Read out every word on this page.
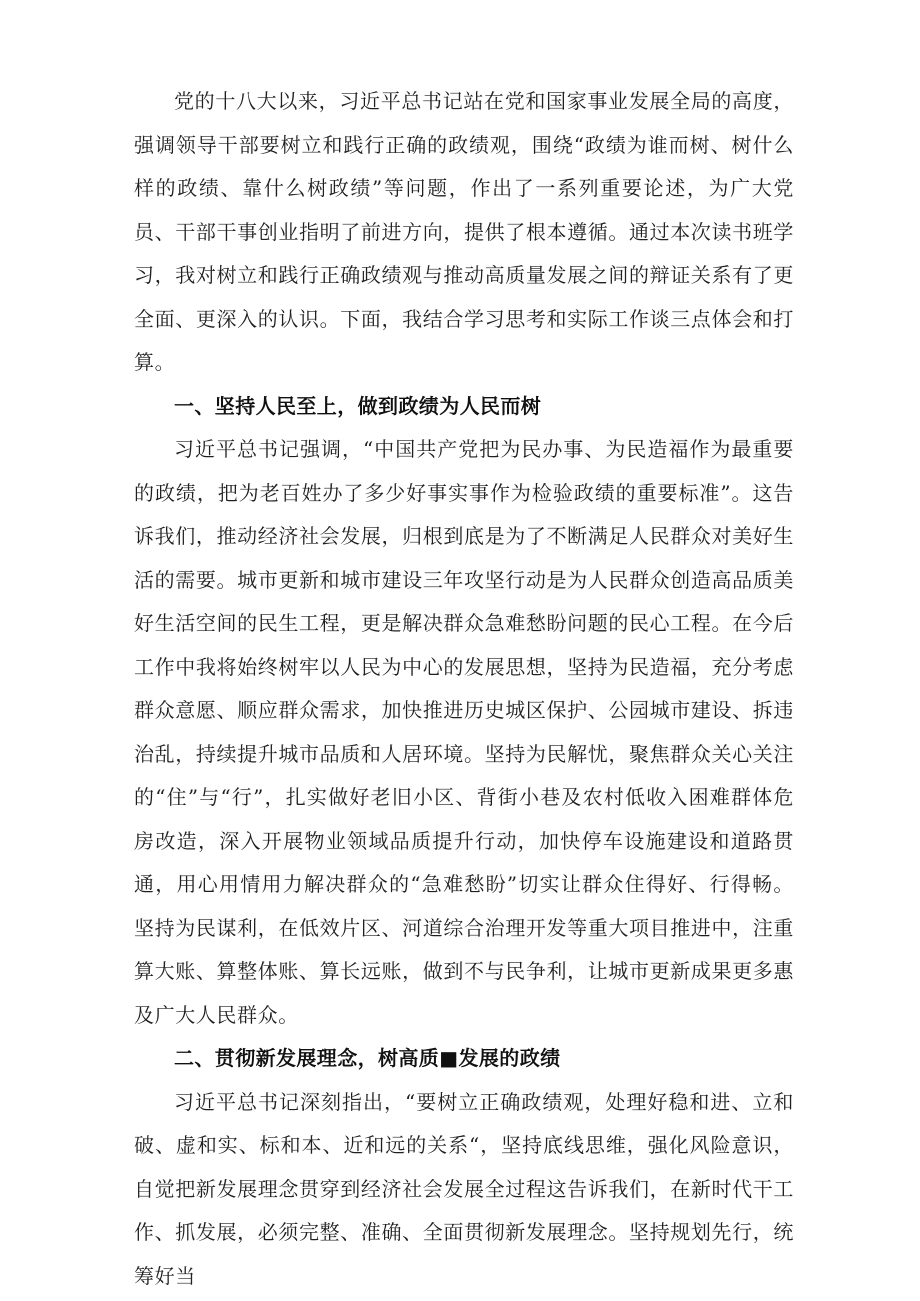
党的十八大以来，习近平总书记站在党和国家事业发展全局的高度，强调领导干部要树立和践行正确的政绩观，围绕“政绩为谁而树、树什么样的政绩、靠什么树政绩”等问题，作出了一系列重要论述，为广大党员、干部干事创业指明了前进方向，提供了根本遵循。通过本次读书班学习，我对树立和践行正确政绩观与推动高质量发展之间的辩证关系有了更全面、更深入的认识。下面，我结合学习思考和实际工作谈三点体会和打算。

一、坚持人民至上，做到政绩为人民而树

习近平总书记强调，“中国共产党把为民办事、为民造福作为最重要的政绩，把为老百姓办了多少好事实事作为检验政绩的重要标准”。这告诉我们，推动经济社会发展，归根到底是为了不断满足人民群众对美好生活的需要。城市更新和城市建设三年攻坚行动是为人民群众创造高品质美好生活空间的民生工程，更是解决群众急难愁盼问题的民心工程。在今后工作中我将始终树牢以人民为中心的发展思想，坚持为民造福，充分考虑群众意愿、顺应群众需求，加快推进历史城区保护、公园城市建设、拆违治乱，持续提升城市品质和人居环境。坚持为民解忧，聚焦群众关心关注的“住”与“行”，扎实做好老旧小区、背街小巷及农村低收入困难群体危房改造，深入开展物业领域品质提升行动，加快停车设施建设和道路贯通，用心用情用力解决群众的“急难愁盼”切实让群众住得好、行得畅。坚持为民谋利，在低效片区、河道综合治理开发等重大项目推进中，注重算大账、算整体账、算长远账，做到不与民争利，让城市更新成果更多惠及广大人民群众。

二、贯彻新发展理念，树高质■发展的政绩

习近平总书记深刻指出，“要树立正确政绩观，处理好稳和进、立和破、虚和实、标和本、近和远的关系“，坚持底线思维，强化风险意识，自觉把新发展理念贯穿到经济社会发展全过程这告诉我们，在新时代干工作、抓发展，必须完整、准确、全面贯彻新发展理念。坚持规划先行，统筹好当
